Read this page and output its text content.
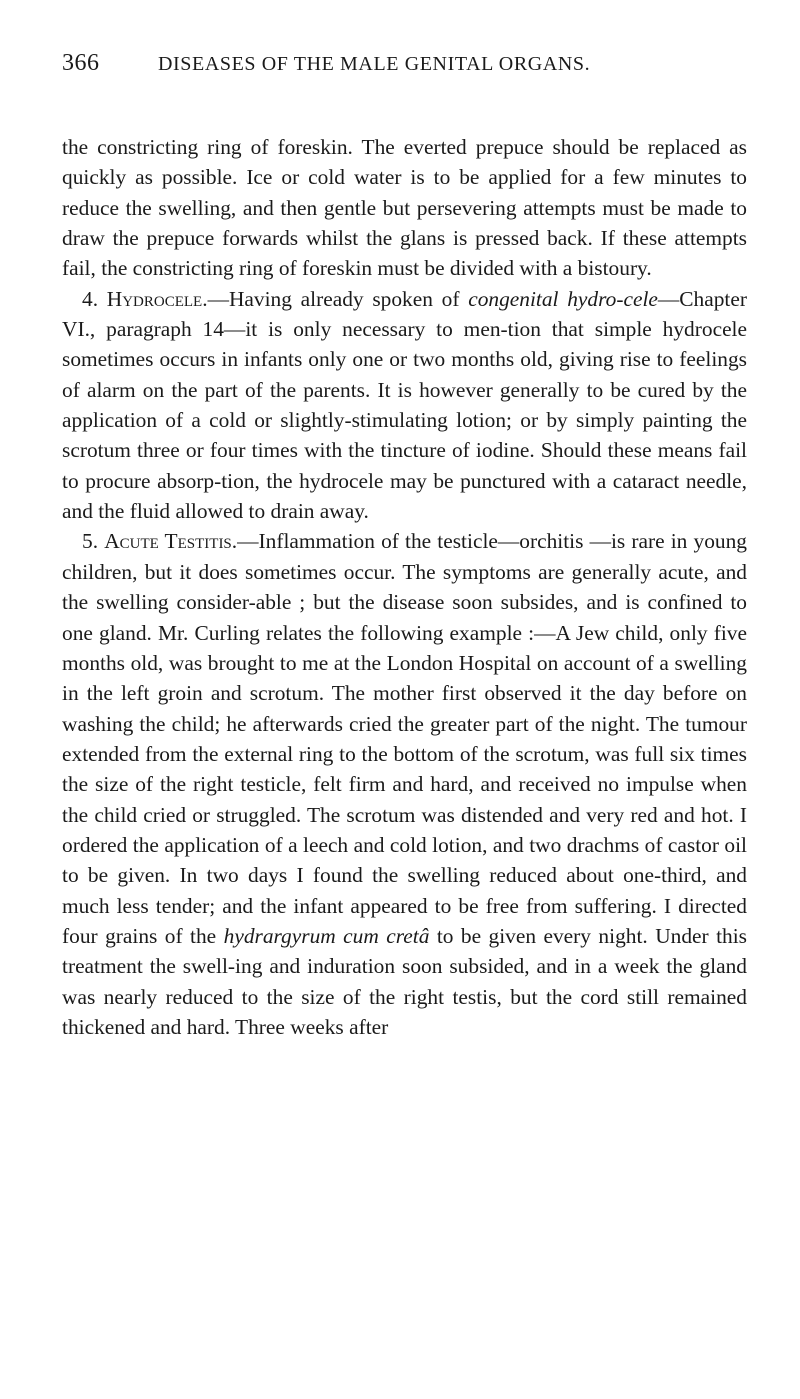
366	DISEASES OF THE MALE GENITAL ORGANS.

the constricting ring of foreskin. The everted prepuce should be replaced as quickly as possible. Ice or cold water is to be applied for a few minutes to reduce the swelling, and then gentle but persevering attempts must be made to draw the prepuce forwards whilst the glans is pressed back. If these attempts fail, the constricting ring of foreskin must be divided with a bistoury.

4. Hydrocele.—Having already spoken of congenital hydro-cele—Chapter VI., paragraph 14—it is only necessary to men-tion that simple hydrocele sometimes occurs in infants only one or two months old, giving rise to feelings of alarm on the part of the parents. It is however generally to be cured by the application of a cold or slightly-stimulating lotion; or by simply painting the scrotum three or four times with the tincture of iodine. Should these means fail to procure absorp-tion, the hydrocele may be punctured with a cataract needle, and the fluid allowed to drain away.

5. Acute Testitis.—Inflammation of the testicle—orchitis —is rare in young children, but it does sometimes occur. The symptoms are generally acute, and the swelling consider-able ; but the disease soon subsides, and is confined to one gland. Mr. Curling relates the following example :—A Jew child, only five months old, was brought to me at the London Hospital on account of a swelling in the left groin and scrotum. The mother first observed it the day before on washing the child; he afterwards cried the greater part of the night. The tumour extended from the external ring to the bottom of the scrotum, was full six times the size of the right testicle, felt firm and hard, and received no impulse when the child cried or struggled. The scrotum was distended and very red and hot. I ordered the application of a leech and cold lotion, and two drachms of castor oil to be given. In two days I found the swelling reduced about one-third, and much less tender; and the infant appeared to be free from suffering. I directed four grains of the hydrargyrum cum cretâ to be given every night. Under this treatment the swell-ing and induration soon subsided, and in a week the gland was nearly reduced to the size of the right testis, but the cord still remained thickened and hard. Three weeks after
